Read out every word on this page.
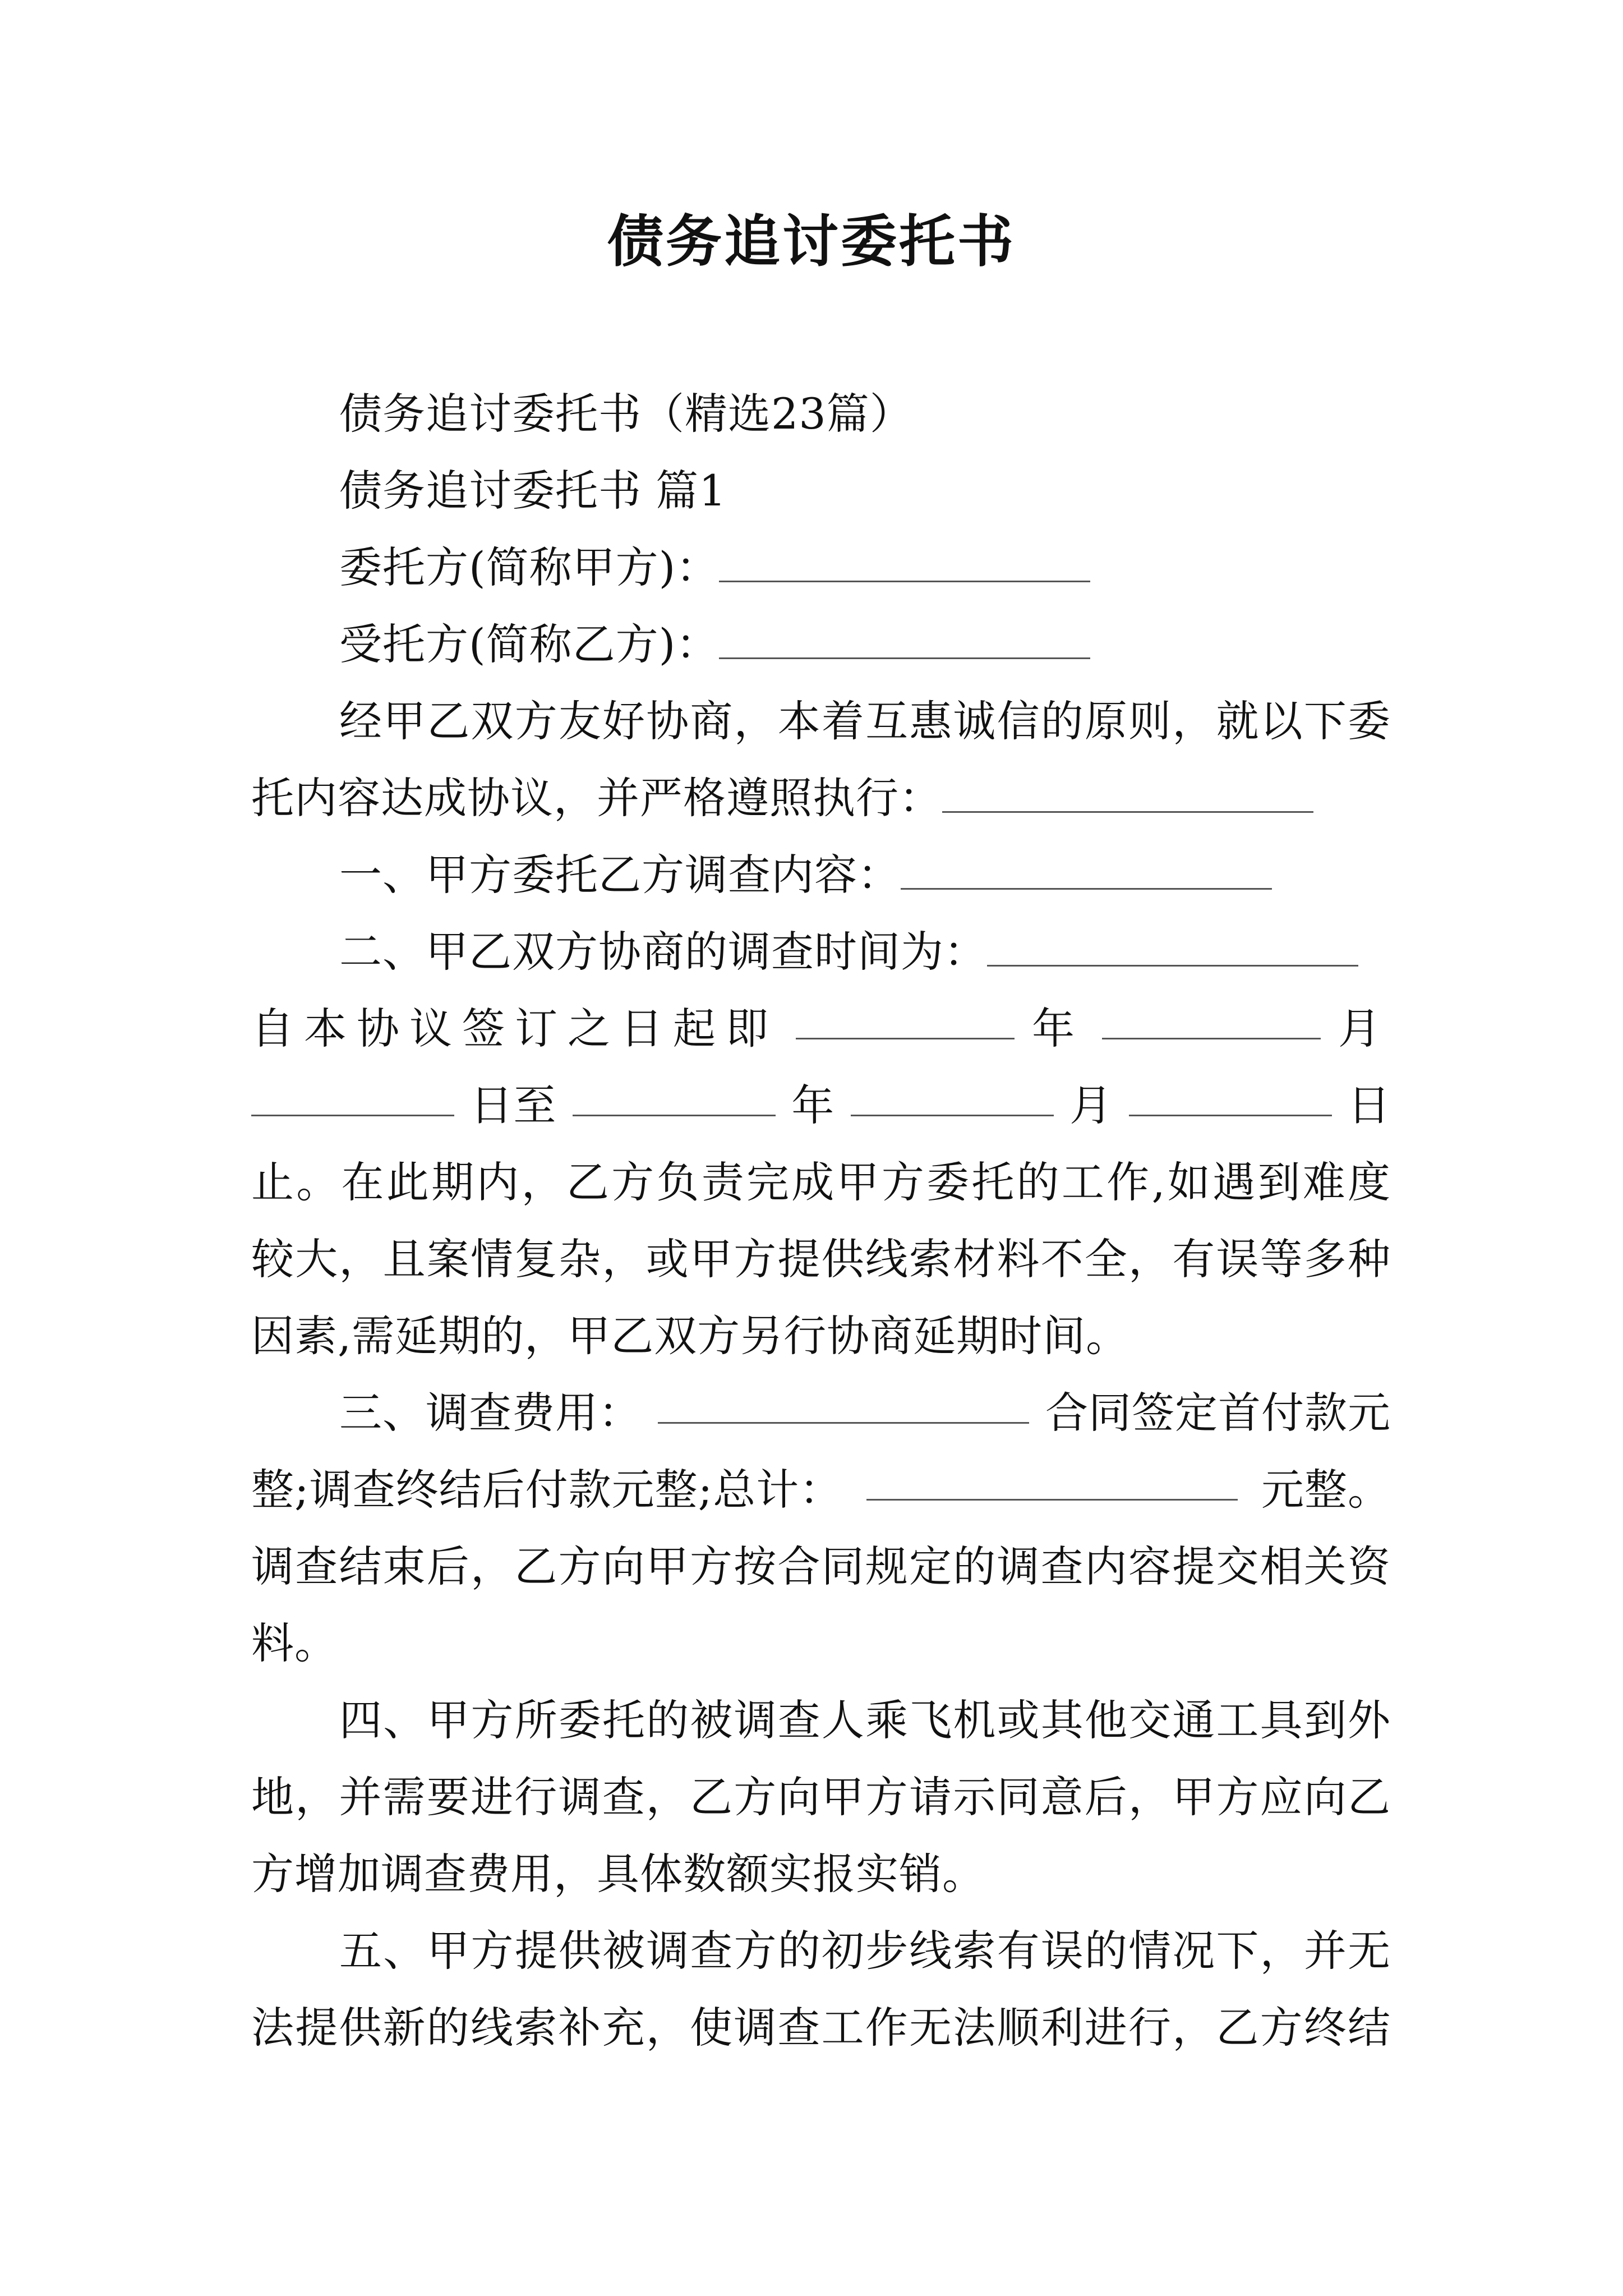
债务追讨委托书
债务追讨委托书（精选23篇）
债务追讨委托书 篇1
委托方(简称甲方)：
受托方(简称乙方)：
经甲乙双方友好协商，本着互惠诚信的原则，就以下委
托内容达成协议，并严格遵照执行：
一、甲方委托乙方调查内容：
二、甲乙双方协商的调查时间为：
自本协议签订之日起即	年	月
日至	年	月	日
止。在此期内，乙方负责完成甲方委托的工作,如遇到难度
较大，且案情复杂，或甲方提供线索材料不全，有误等多种
因素,需延期的，甲乙双方另行协商延期时间。
三、调查费用：	合同签定首付款元
整;调查终结后付款元整;总计：	元整。
调查结束后，乙方向甲方按合同规定的调查内容提交相关资
料。
四、甲方所委托的被调查人乘飞机或其他交通工具到外
地，并需要进行调查，乙方向甲方请示同意后，甲方应向乙
方增加调查费用，具体数额实报实销。
五、甲方提供被调查方的初步线索有误的情况下，并无
法提供新的线索补充，使调查工作无法顺利进行，乙方终结
